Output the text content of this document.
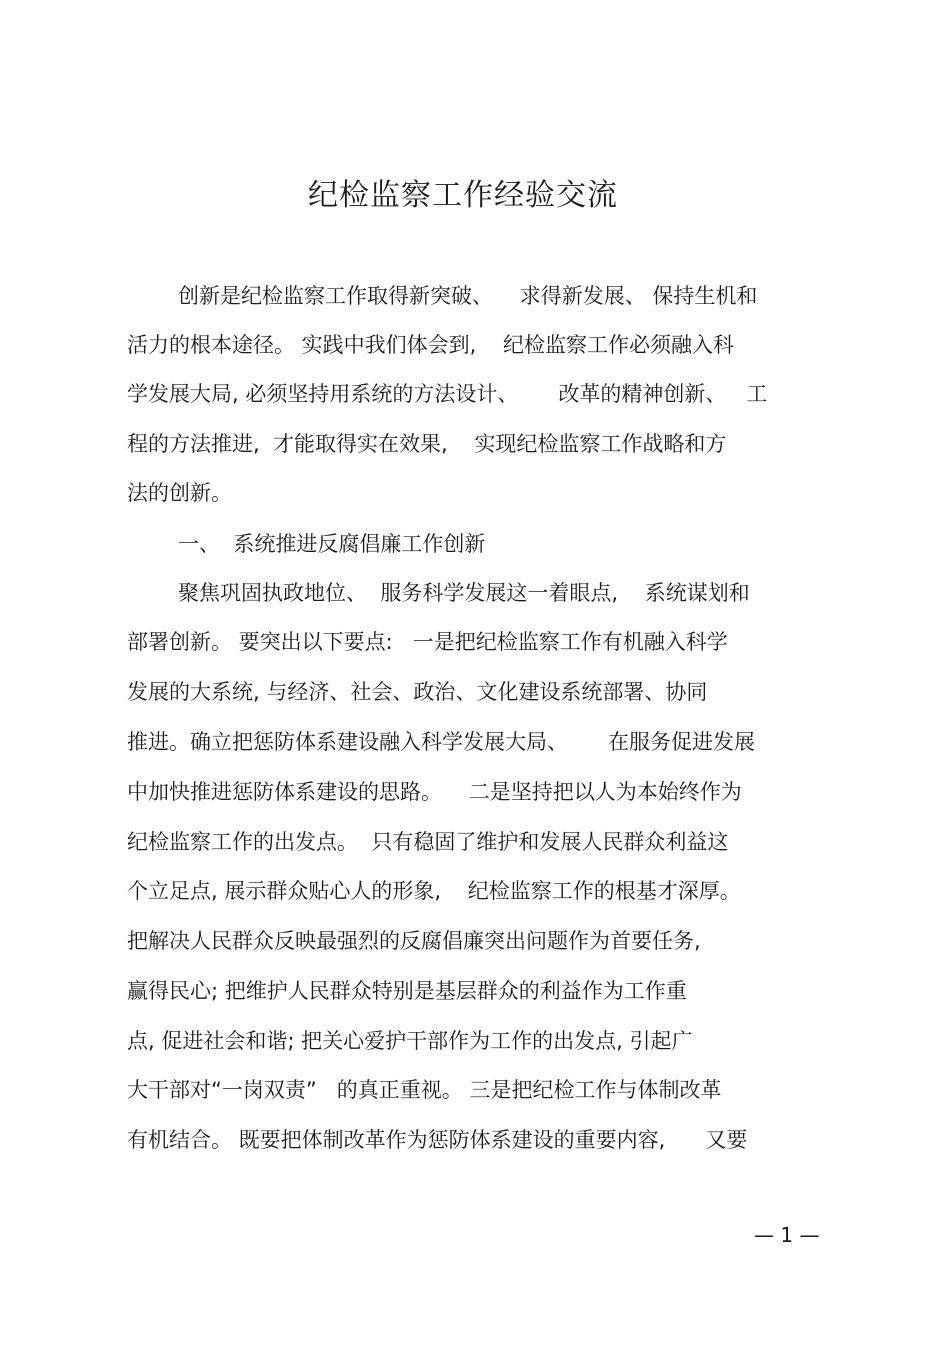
纪检监察工作经验交流
创新是纪检监察工作取得新突破、    求得新发展、 保持生机和
活力的根本途径。 实践中我们体会到,    纪检监察工作必须融入科
学发展大局, 必须坚持用系统的方法设计、      改革的精神创新、   工
程的方法推进,  才能取得实在效果,    实现纪检监察工作战略和方
法的创新。
一、  系统推进反腐倡廉工作创新
聚焦巩固执政地位、  服务科学发展这一着眼点,    系统谋划和
部署创新。 要突出以下要点:   一是把纪检监察工作有机融入科学
发展的大系统, 与经济、社会、政治、文化建设系统部署、协同
推进。确立把惩防体系建设融入科学发展大局、      在服务促进发展
中加快推进惩防体系建设的思路。    二是坚持把以人为本始终作为
纪检监察工作的出发点。  只有稳固了维护和发展人民群众利益这
个立足点, 展示群众贴心人的形象,    纪检监察工作的根基才深厚。
把解决人民群众反映最强烈的反腐倡廉突出问题作为首要任务,
赢得民心; 把维护人民群众特别是基层群众的利益作为工作重
点, 促进社会和谐; 把关心爱护干部作为工作的出发点, 引起广
大干部对“一岗双责”   的真正重视。 三是把纪检工作与体制改革
有机结合。 既要把体制改革作为惩防体系建设的重要内容,      又要
— 1 —
